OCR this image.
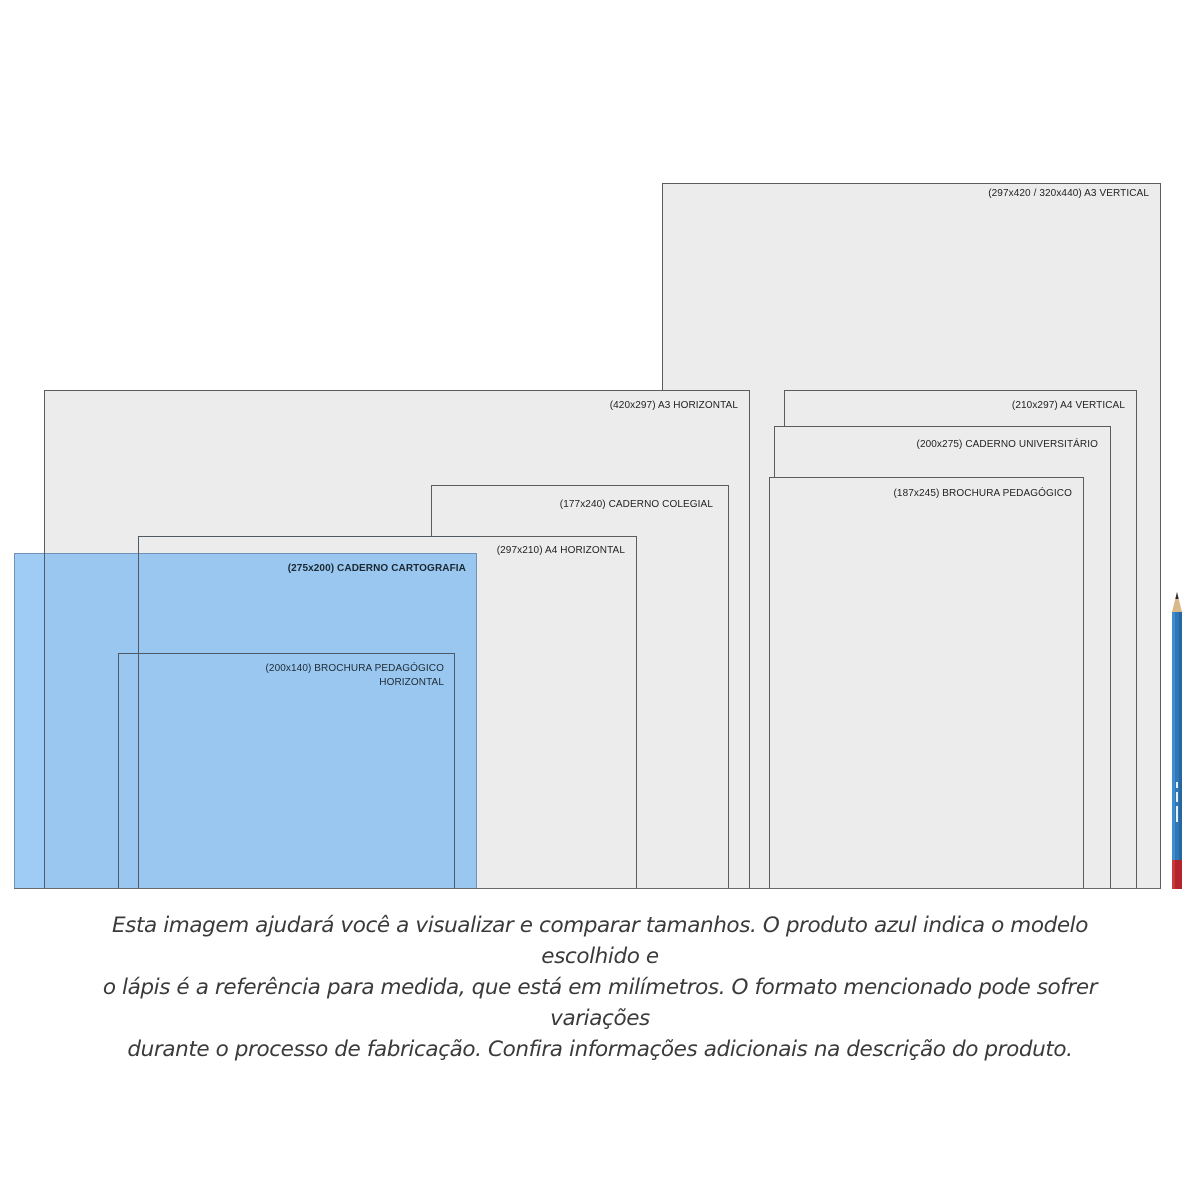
(297x420 / 320x440) A3 VERTICAL
(210x297) A4 VERTICAL
(200x275) CADERNO UNIVERSITÁRIO
(187x245) BROCHURA PEDAGÓGICO
(420x297) A3 HORIZONTAL
(177x240) CADERNO COLEGIAL
(297x210) A4 HORIZONTAL
(275x200) CADERNO CARTOGRAFIA
(200x140) BROCHURA PEDAGÓGICO
HORIZONTAL
Esta imagem ajudará você a visualizar e comparar tamanhos. O produto azul indica o modelo escolhido e
o lápis é a referência para medida, que está em milímetros. O formato mencionado pode sofrer variações
durante o processo de fabricação. Confira informações adicionais na descrição do produto.
